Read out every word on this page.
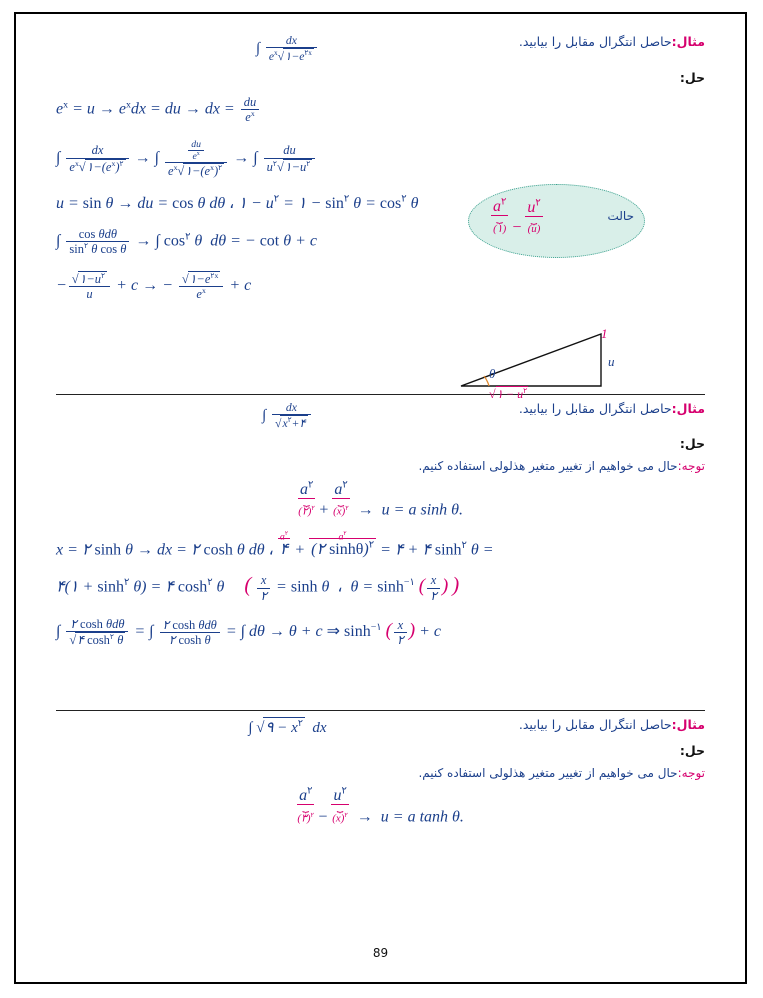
مثال:حاصل انتگرال مقابل را بیابید.
∫ $\frac{dx}{e^x√۱-e^{۲x}}$
حل:
حالت
$a^۲$
⏟
(۱) −
$u^۲$
⏟
(u)
$e^x = u \to e^xdx$ = du → dx = $\frac{du}{e^x}$
∫ $\frac{dx}{e^x√۱-(e^x)^۲}$ → ∫ $\frac{\frac{du}{e^x}}{e^x√۱-(e^x)^۲}$ → ∫ $\frac{du}{u^۲√۱-u^۲}$
u = sin θ → du = cos θ dθ ، ۱ − $u^۲$ = ۱ − $\sin^۲ \theta = \cos^۲ \theta$
∫ $\frac{\text{cos θdθ}}{\sin^۲ \theta \cos \theta}$ → ∫ $\cos^۲ \theta$  dθ = − cot θ + c
− $\frac{√۱-u^۲}{u} + c$ → − $\frac{√۱-e^{۲x}}{e^x} + c$
1
u
θ
√۱ − $u^۲$
مثال:حاصل انتگرال مقابل را بیابید.
∫ $\frac{dx}{√x^۲+۴}$
حل:
توجه:حال می خواهیم از تغییر متغیر هذلولی استفاده کنیم.
$a^۲$
⏟
(۲)$^۲$ +
$a^۲$
⏟
$(x)^۲ \to u = a$ sinh θ.
x = ۲ sinh θ → dx = ۲ cosh θ dθ ،
$a^۲$
۴ +
$a^۲$
(۲ sinhθ)$^۲$ = ۴ + ۴ $\sinh^۲ \theta$ =
۴(۱ + $\sinh^۲ \theta$) = ۴ $\cosh^۲ \theta$     ( $\frac{x}{۲} = \sinh \theta$  ،  $\theta = \sinh^{-۱}$ ( $\frac{x}{۲}$ ) )
∫ $\frac{\text{۲ cosh θdθ}}{√۴ \cosh^۲ \theta}$ = ∫ $\frac{\text{۲ cosh θdθ}}{\text{۲ cosh θ}}$ = ∫ dθ → θ + c ⇒ $\sinh^{-۱}$ ( $\frac{x}{۲}$ ) + c
مثال:حاصل انتگرال مقابل را بیابید.
∫ √۹ − $x^۲$  dx
حل:
توجه:حال می خواهیم از تغییر متغیر هذلولی استفاده کنیم.
$a^۲$
⏟
(۳)$^۲$ −
$u^۲$
⏟
$(x)^۲ \to u = a$ tanh θ.
89
